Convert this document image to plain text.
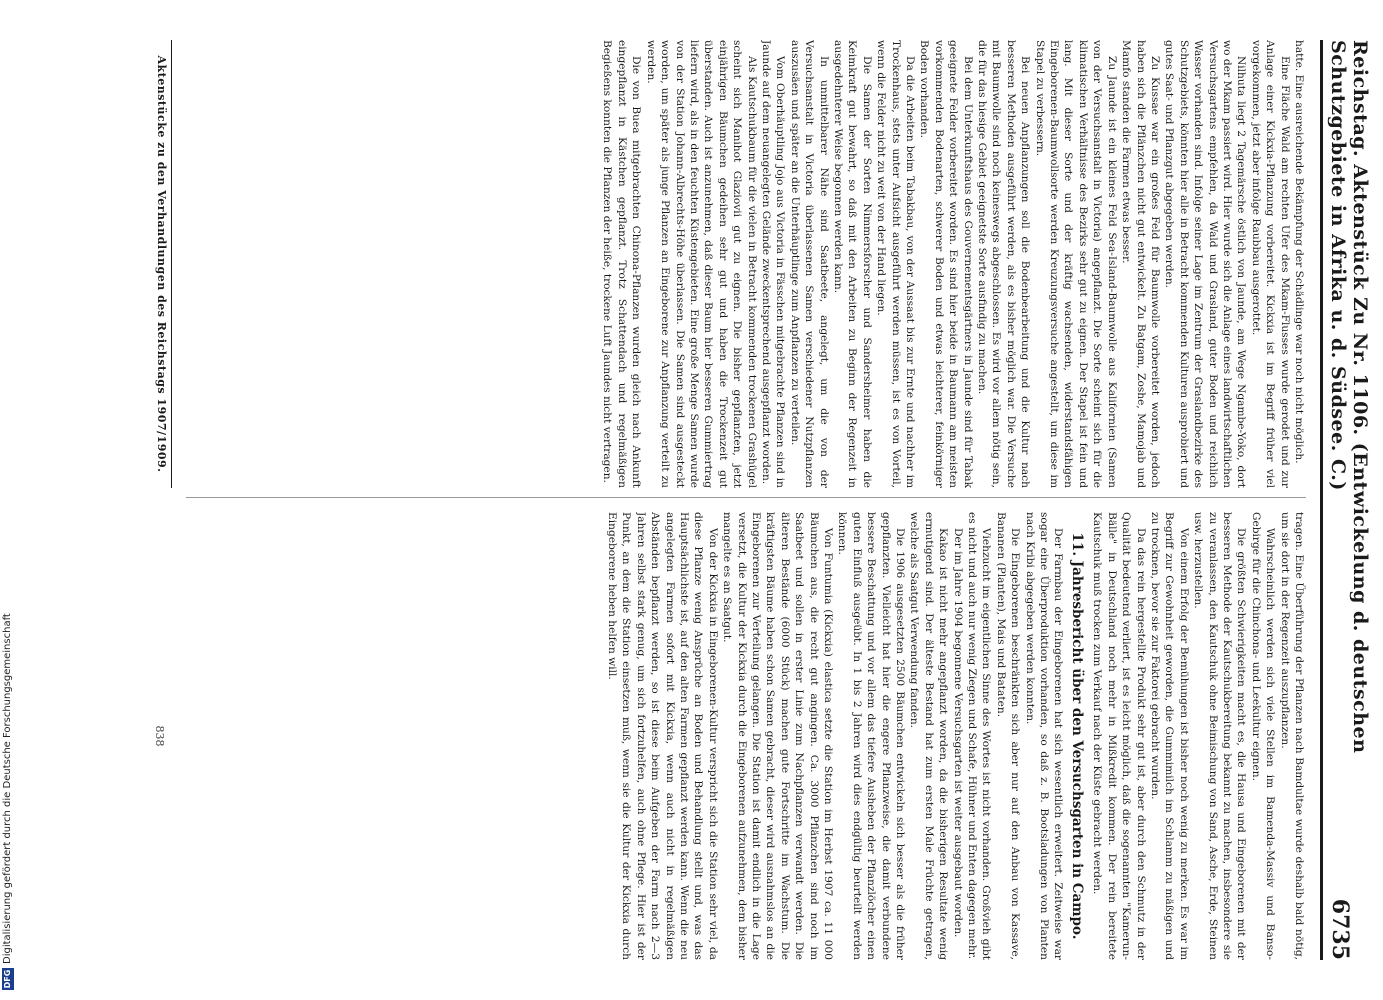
DFG
Digitalisierung gefördert durch die Deutsche Forschungsgemeinschaft
Reichstag. Aktenstück Zu Nr. 1106. (Entwickelung d. deutschen Schutzgebiete in Afrika u. d. Südsee. C.)
6735

hatte. Eine ausreichende Bekämpfung der Schädlinge war noch nicht möglich.

Eine Fläche Wald am rechten Ufer des Mkam-Flusses wurde gerodet und zur Anlage einer Kickxia-Pflanzung vorbereitet. Kickxia ist im Begriff früher viel vorgekommen, jetzt aber infolge Raubbau ausgerottet.

Nilhuta liegt 2 Tagemärsche östlich von Jaunde, am Wege Ngambe-Yoko, dort wo der Mkam passiert wird. Hier wurde sich die Anlage eines landwirtschaftlichen Versuchsgartens empfehlen, da Wald und Grasland, guter Boden und reichlich Wasser vorhanden sind. Infolge seiner Lage im Zentrum der Graslandbezirke des Schutzgebiets, könnten hier alle in Betracht kommenden Kulturen ausprobiert und gutes Saat- und Pflanzgut abgegeben werden.

Zu Kussae war ein großes Feld für Baumwolle vorbereitet worden, jedoch haben sich die Pflänzchen nicht gut entwickelt. Zu Batgam, Zoshe, Mamojab und Mamfo standen die Farmen etwas besser.

Zu Jaunde ist ein kleines Feld Sea-Island-Baumwolle aus Kalifornien (Samen von der Versuchsanstalt in Victoria) angepflanzt. Die Sorte scheint sich für die klimatischen Verhältnisse des Bezirks sehr gut zu eignen. Der Stapel ist fein und lang. Mit dieser Sorte und der kräftig wachsenden, widerstandsfähigen Eingeborenen-Baumwollsorte werden Kreuzungsversuche angestellt, um diese im Stapel zu verbessern.

Bei neuen Anpflanzungen soll die Bodenbearbeitung und die Kultur nach besseren Methoden ausgeführt werden, als es bisher möglich war. Die Versuche mit Baumwolle sind noch keineswegs abgeschlossen. Es wird vor allem nötig sein, die für das hiesige Gebiet geeignetste Sorte ausfindig zu machen.

Bei dem Unterkunftshaus des Gouvernementsgärtners in Jaunde sind für Tabak geeignete Felder vorbereitet worden. Es sind hier beide in Baumann am meisten vorkommenden Bodenarten, schwerer Boden und etwas leichterer, feinkörniger Boden vorhanden.

Da die Arbeiten beim Tabakbau, von der Aussaat bis zur Ernte und nachher im Trockenhaus, stets unter Aufsicht ausgeführt werden müssen, ist es von Vorteil, wenn die Felder nicht zu weit von der Hand liegen.

Die Samen der Sorten Nimmersforscher und Sandersheimer haben die Keimkraft gut bewahrt, so daß mit den Arbeiten zu Beginn der Regenzeit in ausgedehnterer Weise begonnen werden kann.

In unmittelbarer Nähe sind Saatbeete, angelegt, um die von der Versuchsanstalt in Victoria überlassenen Samen verschiedener Nutzpflanzen auszusäen und später an die Unterhäuptlinge zum Anpflanzen zu verteilen.

Vom Oberhäuptling Jojo aus Victoria in Fässchen mitgebrachte Pflanzen sind in Jaunde auf dem neuangelegten Gelände zweckentsprechend ausgepflanzt worden.

Als Kautschukbaum für die vielen in Betracht kommenden trockenen Grashügel scheint sich Manihot Glaziovii gut zu eignen. Die bisher gepflanzten, jetzt einjährigen Bäumchen gedeihen sehr gut und haben die Trockenzeit gut überstanden. Auch ist anzunehmen, daß dieser Baum hier besseren Gummiertrag liefern wird, als in den feuchten Küstengebieten. Eine große Menge Samen wurde von der Station Johann-Albrechts-Höhe überlassen. Die Samen sind ausgesteckt worden, um später als junge Pflanzen an Eingeborene zur Anpflanzung verteilt zu werden.

Die von Buea mitgebrachten Chinona-Pflanzen wurden gleich nach Ankunft eingepflanzt in Kästchen gepflanzt. Trotz Schattendach und regelmäßigen Begießens konnten die Pflanzen der heiße, trockene Luft Jaundes nicht vertragen.

tragen. Eine Überführung der Pflanzen nach Bamdultae wurde deshalb bald nötig, um sie dort in der Regenzeit auszupflanzen.

Wahrscheinlich werden sich viele Stellen im Bamenda-Massiv und Banso-Gebirge für die Chinchona- und Leekultur eignen.

Die größten Schwierigkeiten macht es, die Hausa und Eingeborenen mit der besseren Methode der Kautschukbereitung bekannt zu machen, insbesondere sie zu veranlassen, den Kautschuk ohne Beimischung von Sand, Asche, Erde, Steinen usw. herzustellen.

Von einem Erfolg der Bemühungen ist bisher noch wenig zu merken. Es war im Begriff zur Gewohnheit geworden, die Gummimilch im Schlamm zu mäßigen und zu trocknen, bevor sie zur Faktorei gebracht wurden.

Da das rein hergestellte Produkt sehr gut ist, aber durch den Schmutz in der Qualität bedeutend verliert, ist es leicht möglich, daß die sogenannten "Kamerun-Bälle" in Deutschland noch mehr in Mißkredit kommen. Der rein bereitete Kautschuk muß trocken zum Verkauf nach der Küste gebracht werden.

11. Jahresbericht über den Versuchsgarten in Campo.

Der Farmbau der Eingeborenen hat sich wesentlich erweitert. Zeitweise war sogar eine Überproduktion vorhanden, so daß z. B. Bootsladungen von Planten nach Kribi abgegeben werden konnten.

Die Eingeborenen beschränkten sich aber nur auf den Anbau von Kassave, Bananen (Planten), Mais und Bataten.

Viehzucht im eigentlichen Sinne des Wortes ist nicht vorhanden. Großvieh gibt es nicht und auch nur wenig Ziegen und Schafe, Hühner und Enten dagegen mehr.

Der im Jahre 1904 begonnene Versuchsgarten ist weiter ausgebaut worden.

Kakao ist nicht mehr angepflanzt worden, da die bisherigen Resultate wenig ermutigend sind. Der älteste Bestand hat zum ersten Male Früchte getragen, welche als Saatgut Verwendung fanden.

Die 1906 ausgesetzten 2500 Bäumchen entwickeln sich besser als die früher gepflanzten. Vielleicht hat hier die engere Pflanzweise, die damit verbundene bessere Beschattung und vor allem das tiefere Ausheben der Pflanzlöcher einen guten Einfluß ausgeübt. In 1 bis 2 Jahren wird dies endgültig beurteilt werden können.

Von Funtumia (Kickxia) elastica setzte die Station im Herbst 1907 ca. 11 000 Bäumchen aus, die recht gut angingen. Ca. 3000 Pflänzchen sind noch im Saatbeet und sollen in erster Linie zum Nachpflanzen verwandt werden. Die älteren Bestände (6000 Stück) machen gute Fortschritte im Wachstum. Die kräftigsten Bäume haben schon Samen gebracht, dieser wird ausnahmslos an die Eingeborenen zur Verteilung gelangen. Die Station ist damit endlich in die Lage versetzt, die Kultur der Kickxia durch die Eingeborenen aufzunehmen, dem bisher mangelte es an Saatgut.

Von der Kickxia in Eingeborenen-Kultur verspricht sich die Station sehr viel, da diese Pflanze wenig Ansprüche an Boden und Behandlung stellt und, was das Hauptsächlichste ist, auf den alten Farmen gepflanzt werden kann. Wenn die neu angelegten Farmen sofort mit Kickxia, wenn auch nicht in regelmäßigen Abständen bepflanzt werden, so ist diese beim Aufgeben der Farm nach 2—3 Jahren selbst stark genug, um sich fortzuhelfen, auch ohne Pflege. Hier ist der Punkt, an dem die Station einsetzen muß, wenn sie die Kultur der Kickxia durch Eingeborene heben helfen will.

Aktenstücke zu den Verhandlungen des Reichstags 1907/1909.
838
